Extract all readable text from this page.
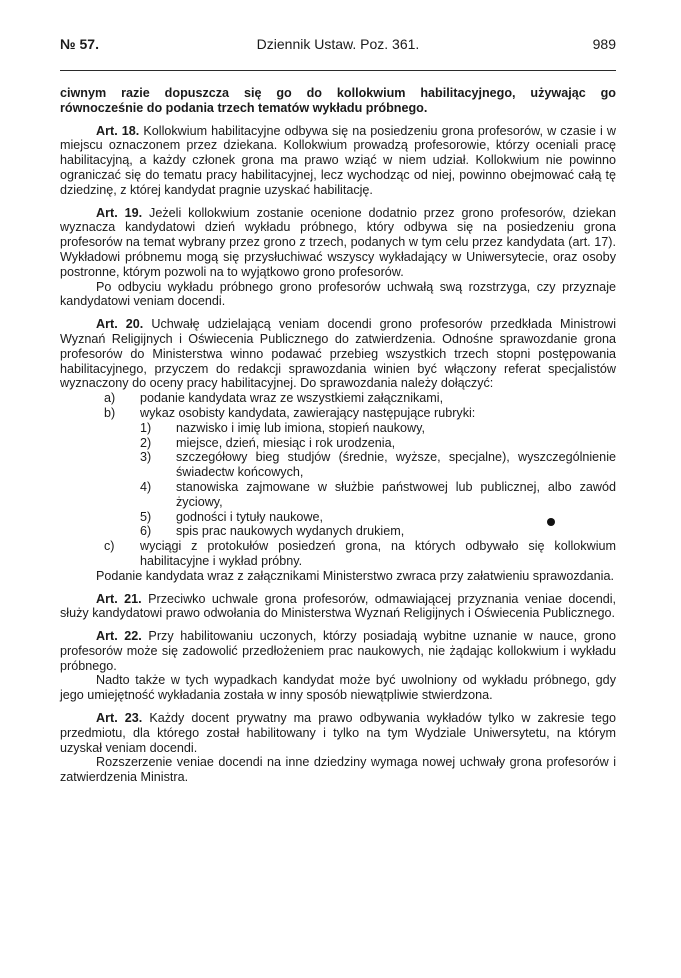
№ 57.	Dziennik Ustaw. Poz. 361.	989

ciwnym razie dopuszcza się go do kollokwium habilitacyjnego, używając go

równocześnie do podania trzech tematów wykładu próbnego.

Art. 18. Kollokwium habilitacyjne odbywa się na posiedzeniu grona profesorów, w czasie i w miejscu oznaczonem przez dziekana. Kollokwium prowadzą profesorowie, którzy oceniali pracę habilitacyjną, a każdy członek grona ma prawo wziąć w niem udział. Kollokwium nie powinno ograniczać się do tematu pracy habilitacyjnej, lecz wychodząc od niej, powinno obejmować całą tę dziedzinę, z której kandydat pragnie uzyskać habilitację.

Art. 19. Jeżeli kollokwium zostanie ocenione dodatnio przez grono profesorów, dziekan wyznacza kandydatowi dzień wykładu próbnego, który odbywa się na posiedzeniu grona profesorów na temat wybrany przez grono z trzech, podanych w tym celu przez kandydata (art. 17). Wykładowi próbnemu mogą się przysłuchiwać wszyscy wykładający w Uniwersytecie, oraz osoby postronne, którym pozwoli na to wyjątkowo grono profesorów.

Po odbyciu wykładu próbnego grono profesorów uchwałą swą rozstrzyga, czy przyznaje kandydatowi veniam docendi.

Art. 20. Uchwałę udzielającą veniam docendi grono profesorów przedkłada Ministrowi Wyznań Religijnych i Oświecenia Publicznego do zatwierdzenia. Odnośne sprawozdanie grona profesorów do Ministerstwa winno podawać przebieg wszystkich trzech stopni postępowania habilitacyjnego, przyczem do redakcji sprawozdania winien być włączony referat specjalistów wyznaczony do oceny pracy habilitacyjnej. Do sprawozdania należy dołączyć:

a) podanie kandydata wraz ze wszystkiemi załącznikami,
b) wykaz osobisty kandydata, zawierający następujące rubryki:
1) nazwisko i imię lub imiona, stopień naukowy,
2) miejsce, dzień, miesiąc i rok urodzenia,
3) szczegółowy bieg studjów (średnie, wyższe, specjalne), wyszczególnienie świadectw końcowych,
4) stanowiska zajmowane w służbie państwowej lub publicznej, albo zawód życiowy,
5) godności i tytuły naukowe,
6) spis prac naukowych wydanych drukiem,
c) wyciągi z protokułów posiedzeń grona, na których odbywało się kollokwium habilitacyjne i wykład próbny.

Podanie kandydata wraz z załącznikami Ministerstwo zwraca przy załatwieniu sprawozdania.

Art. 21. Przeciwko uchwale grona profesorów, odmawiającej przyznania veniae docendi, służy kandydatowi prawo odwołania do Ministerstwa Wyznań Religijnych i Oświecenia Publicznego.

Art. 22. Przy habilitowaniu uczonych, którzy posiadają wybitne uznanie w nauce, grono profesorów może się zadowolić przedłożeniem prac naukowych, nie żądając kollokwium i wykładu próbnego.

Nadto także w tych wypadkach kandydat może być uwolniony od wykładu próbnego, gdy jego umiejętność wykładania została w inny sposób niewątpliwie stwierdzona.

Art. 23. Każdy docent prywatny ma prawo odbywania wykładów tylko w zakresie tego przedmiotu, dla którego został habilitowany i tylko na tym Wydziale Uniwersytetu, na którym uzyskał veniam docendi.

Rozszerzenie veniae docendi na inne dziedziny wymaga nowej uchwały grona profesorów i zatwierdzenia Ministra.
